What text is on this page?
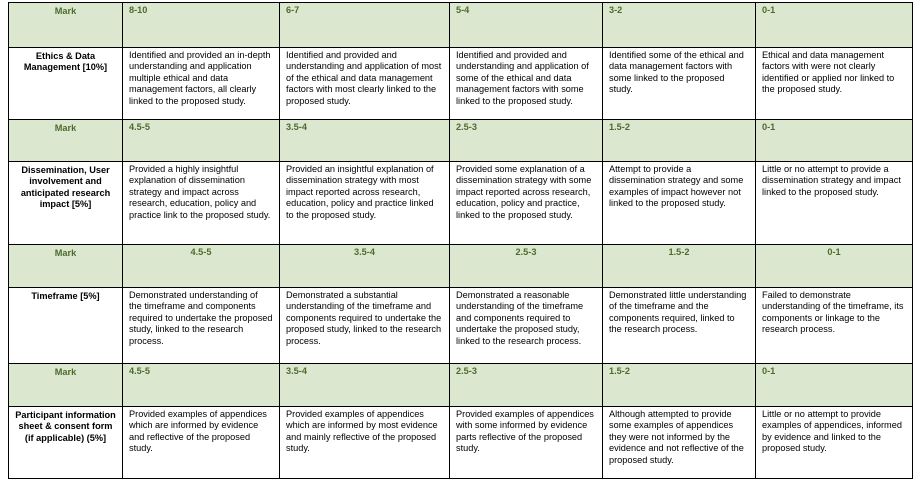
Mark	8-10	6-7	5-4	3-2	0-1
Ethics & Data Management [10%]	Identified and provided an in-depth understanding and application multiple ethical and data management factors, all clearly linked to the proposed study.	Identified and provided and understanding and application of most of the ethical and data management factors with most clearly linked to the proposed study.	Identified and provided and understanding and application of some of the ethical and data management factors with some linked to the proposed study.	Identified some of the ethical and data management factors with some linked to the proposed study.	Ethical and data management factors with were not clearly identified or applied nor linked to the proposed study.
Mark	4.5-5	3.5-4	2.5-3	1.5-2	0-1
Dissemination, User involvement and anticipated research impact [5%]	Provided a highly insightful explanation of dissemination strategy and impact across research, education, policy and practice link to the proposed study.	Provided an insightful explanation of dissemination strategy with most impact reported across research, education, policy and practice linked to the proposed study.	Provided some explanation of a dissemination strategy with some impact reported across research, education, policy and practice, linked to the proposed study.	Attempt to provide a dissemination strategy and some examples of impact however not linked to the proposed study.	Little or no attempt to provide a dissemination strategy and impact linked to the proposed study.
Mark	4.5-5	3.5-4	2.5-3	1.5-2	0-1
Timeframe [5%]	Demonstrated understanding of the timeframe and components required to undertake the proposed study, linked to the research process.	Demonstrated a substantial understanding of the timeframe and components required to undertake the proposed study, linked to the research process.	Demonstrated a reasonable understanding of the timeframe and components required to undertake the proposed study, linked to the research process.	Demonstrated little understanding of the timeframe and the components required, linked to the research process.	Failed to demonstrate understanding of the timeframe, its components or linkage to the research process.
Mark	4.5-5	3.5-4	2.5-3	1.5-2	0-1
Participant information sheet & consent form (if applicable) (5%]	Provided examples of appendices which are informed by evidence and reflective of the proposed study.	Provided examples of appendices which are informed by most evidence and mainly reflective of the proposed study.	Provided examples of appendices with some informed by evidence parts reflective of the proposed study.	Although attempted to provide some examples of appendices they were not informed by the evidence and not reflective of the proposed study.	Little or no attempt to provide examples of appendices, informed by evidence and linked to the proposed study.
